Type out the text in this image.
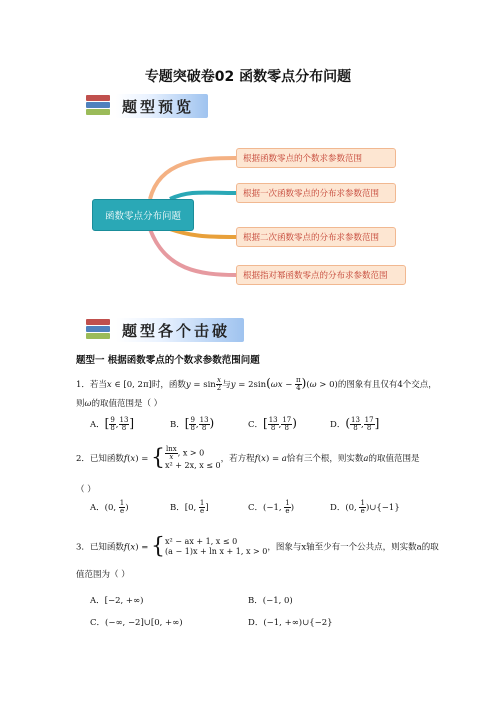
专题突破卷02 函数零点分布问题
题型预览
函数零点分布问题
根据函数零点的个数求参数范围
根据一次函数零点的分布求参数范围
根据二次函数零点的分布求参数范围
根据指对幂函数零点的分布求参数范围
题型各个击破
题型一 根据函数零点的个数求参数范围问题
1．若当x ∈ [0, 2π]时，函数$y = \sin \frac{x}{2}$ 与$y = 2\sin(\omega x - \frac{\pi}{4} )(\omega > 0)$的图象有且仅有4个交点，
则ω的取值范围是（ ）
A．[ $\frac{9}{8}$ , $\frac{13}{8}$ ]	B．[ $\frac{9}{8}$ , $\frac{13}{8}$ )	C．[ $\frac{13}{8}$ , $\frac{17}{8}$ )	D．( $\frac{13}{8}$ , $\frac{17}{8}$ ]
2．已知函数f(x) = { $\frac{\ln x}{x}$ , x > 0
x² + 2x, x ≤ 0
，若方程f(x) = a恰有三个根，则实数a的取值范围是
（ ）
A．(0, $\frac{1}{e}$ )	B．[0, $\frac{1}{e}$ ]	C．(−1, $\frac{1}{e}$ )	D．(0, $\frac{1}{e}$ )∪{−1}
3．已知函数f(x) = { x² − ax + 1, x ≤ 0
(a − 1)x + ln x + 1, x > 0 ，图象与x轴至少有一个公共点，则实数a的取
值范围为（ ）
A．[−2, +∞)	B．(−1, 0)
C．(−∞, −2]∪[0, +∞)	D．(−1, +∞)∪{−2}
